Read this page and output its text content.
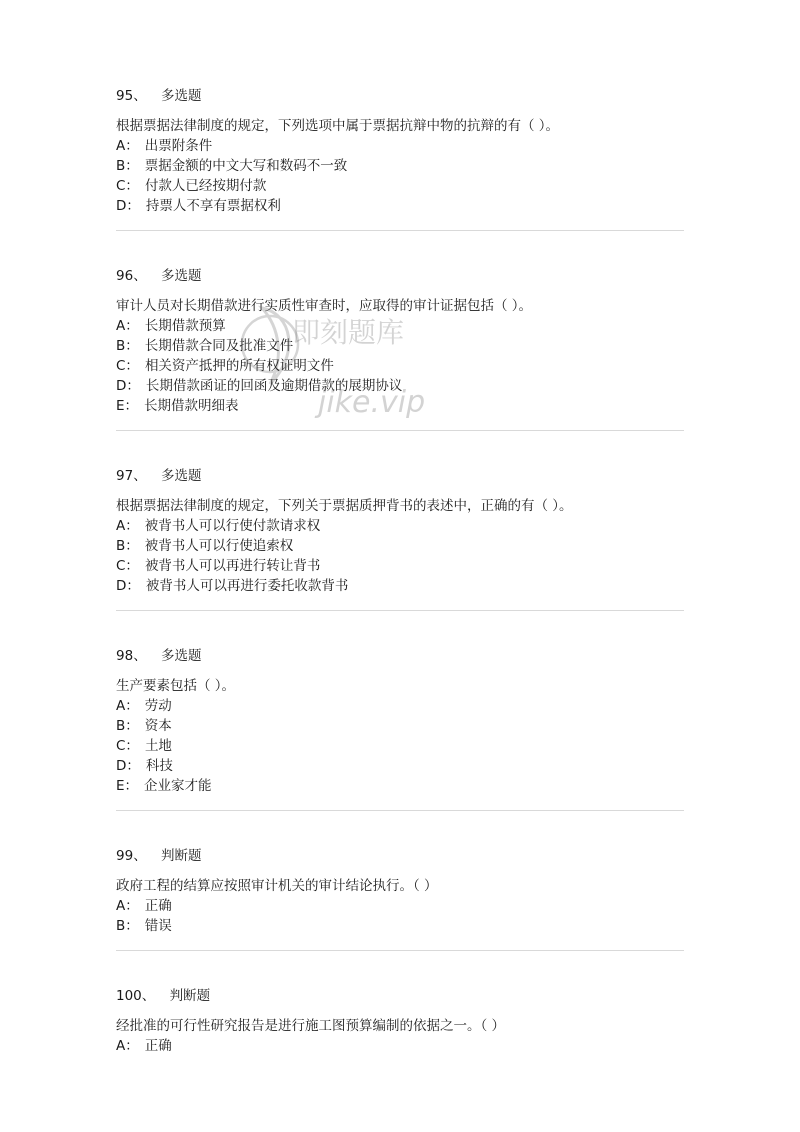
95、 多选题
根据票据法律制度的规定，下列选项中属于票据抗辩中物的抗辩的有（ ）。
A： 出票附条件
B： 票据金额的中文大写和数码不一致
C： 付款人已经按期付款
D： 持票人不享有票据权利
96、 多选题
审计人员对长期借款进行实质性审查时，应取得的审计证据包括（ ）。
A： 长期借款预算
B： 长期借款合同及批准文件
C： 相关资产抵押的所有权证明文件
D： 长期借款函证的回函及逾期借款的展期协议
E： 长期借款明细表
97、 多选题
根据票据法律制度的规定，下列关于票据质押背书的表述中，正确的有（ ）。
A： 被背书人可以行使付款请求权
B： 被背书人可以行使追索权
C： 被背书人可以再进行转让背书
D： 被背书人可以再进行委托收款背书
98、 多选题
生产要素包括（ ）。
A： 劳动
B： 资本
C： 土地
D： 科技
E： 企业家才能
99、 判断题
政府工程的结算应按照审计机关的审计结论执行。（ ）
A： 正确
B： 错误
100、 判断题
经批准的可行性研究报告是进行施工图预算编制的依据之一。（ ）
A： 正确
即刻题库
jike.vip
